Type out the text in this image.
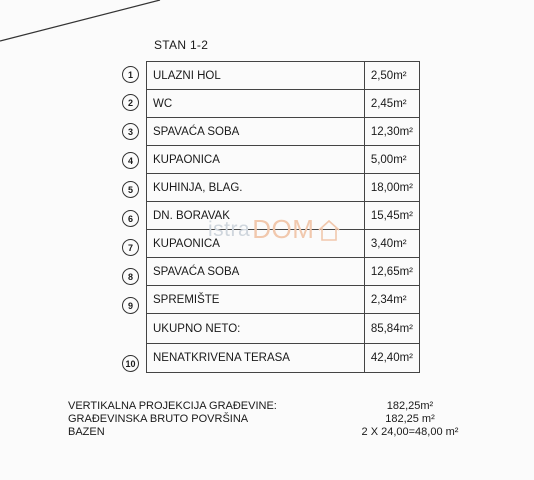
STAN 1-2
ULAZNI HOL	2,50m²
WC	2,45m²
SPAVAĆA SOBA	12,30m²
KUPAONICA	5,00m²
KUHINJA, BLAG.	18,00m²
DN. BORAVAK	15,45m²
KUPAONICA	3,40m²
SPAVAĆA SOBA	12,65m²
SPREMIŠTE	2,34m²
UKUPNO NETO:	85,84m²
NENATKRIVENA TERASA	42,40m²
1
2
3
4
5
6
7
8
9
10
istra DOM
VERTIKALNA PROJEKCIJA GRAĐEVINE:	182,25m²
GRAĐEVINSKA BRUTO POVRŠINA	182,25 m²
BAZEN	2 X 24,00=48,00 m²
